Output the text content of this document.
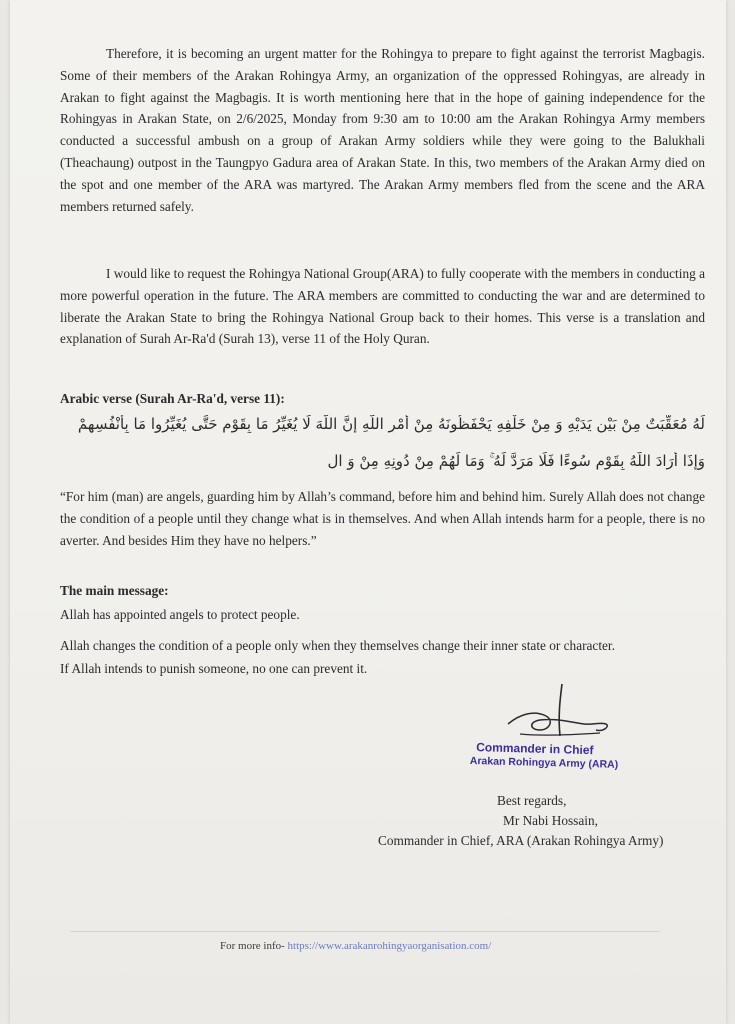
Therefore, it is becoming an urgent matter for the Rohingya to prepare to fight against the terrorist Magbagis. Some of their members of the Arakan Rohingya Army, an organization of the oppressed Rohingyas, are already in Arakan to fight against the Magbagis. It is worth mentioning here that in the hope of gaining independence for the Rohingyas in Arakan State, on 2/6/2025, Monday from 9:30 am to 10:00 am the Arakan Rohingya Army members conducted a successful ambush on a group of Arakan Army soldiers while they were going to the Balukhali (Theachaung) outpost in the Taungpyo Gadura area of Arakan State. In this, two members of the Arakan Army died on the spot and one member of the ARA was martyred. The Arakan Army members fled from the scene and the ARA members returned safely.

I would like to request the Rohingya National Group(ARA) to fully cooperate with the members in conducting a more powerful operation in the future. The ARA members are committed to conducting the war and are determined to liberate the Arakan State to bring the Rohingya National Group back to their homes. This verse is a translation and explanation of Surah Ar-Ra'd (Surah 13), verse 11 of the Holy Quran.

Arabic verse (Surah Ar-Ra'd, verse 11):

لَهُ مُعَقِّبَتٌ مِنْ بَيْنِ يَدَيْهِ وَ مِنْ خَلْفِهِ يَحْفَظُونَهُ مِنْ أَمْرِ اللَّهِ إِنَّ اللَّهَ لَا يُغَيِّرُ مَا بِقَوْمٍ حَتَّى يُغَيِّرُوا مَا بِأَنْفُسِهِمْ

وَإِذَا أَرَادَ اللَّهُ بِقَوْمٍ سُوءًا فَلَا مَرَدَّ لَهُ ۚ وَمَا لَهُمْ مِنْ دُونِهِ مِنْ وَ ال

“For him (man) are angels, guarding him by Allah’s command, before him and behind him. Surely Allah does not change the condition of a people until they change what is in themselves. And when Allah intends harm for a people, there is no averter. And besides Him they have no helpers.”

The main message:

Allah has appointed angels to protect people.

Allah changes the condition of a people only when they themselves change their inner state or character.

If Allah intends to punish someone, no one can prevent it.

Commander in Chief
Arakan Rohingya Army (ARA)
Best regards,
Mr Nabi Hossain,
Commander in Chief, ARA (Arakan Rohingya Army)
For more info- https://www.arakanrohingyaorganisation.com/
